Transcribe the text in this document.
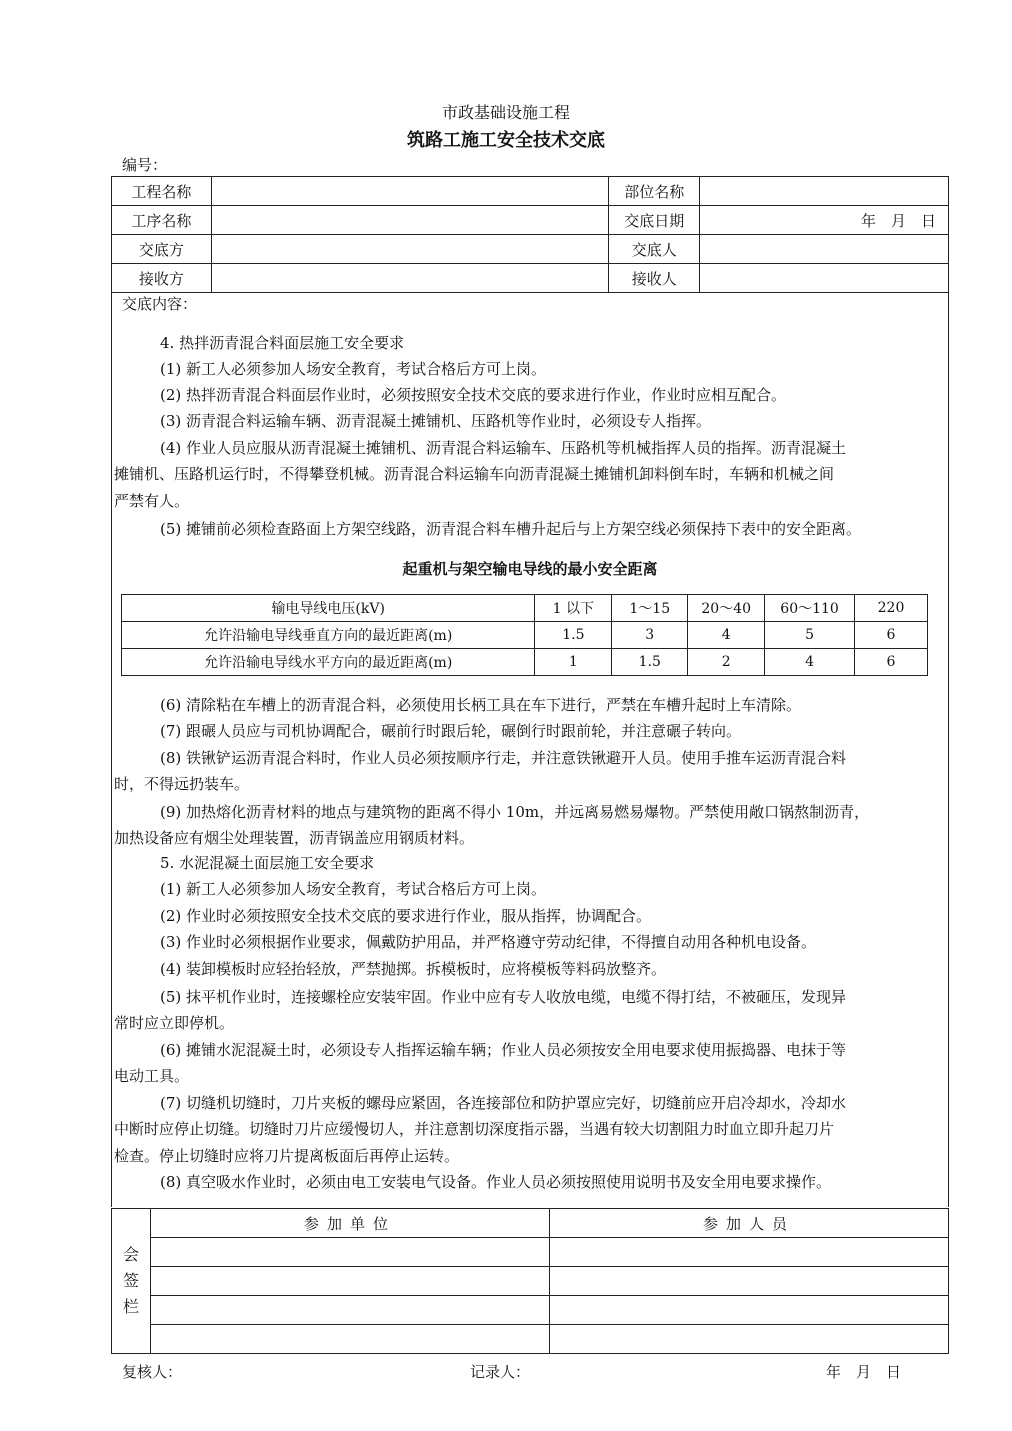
市政基础设施工程
筑路工施工安全技术交底
编号：
工程名称		部位名称	
工序名称		交底日期	年　月　日
交底方		交底人	
接收方		接收人	

交底内容：

4. 热拌沥青混合料面层施工安全要求

(1) 新工人必须参加人场安全教育，考试合格后方可上岗。

(2) 热拌沥青混合料面层作业时，必须按照安全技术交底的要求进行作业，作业时应相互配合。

(3) 沥青混合料运输车辆、沥青混凝土摊铺机、压路机等作业时，必须设专人指挥。

(4) 作业人员应服从沥青混凝土摊铺机、沥青混合料运输车、压路机等机械指挥人员的指挥。沥青混凝土

摊铺机、压路机运行时，不得攀登机械。沥青混合料运输车向沥青混凝土摊铺机卸料倒车时，车辆和机械之间

严禁有人。

(5) 摊铺前必须检查路面上方架空线路，沥青混合料车槽升起后与上方架空线必须保持下表中的安全距离。

起重机与架空输电导线的最小安全距离
输电导线电压(kV)	1 以下	1～15	20～40	60～110	220
允许沿输电导线垂直方向的最近距离(m)	1.5	3	4	5	6
允许沿输电导线水平方向的最近距离(m)	1	1.5	2	4	6

(6) 清除粘在车槽上的沥青混合料，必须使用长柄工具在车下进行，严禁在车槽升起时上车清除。

(7) 跟碾人员应与司机协调配合，碾前行时跟后轮，碾倒行时跟前轮，并注意碾子转向。

(8) 铁锹铲运沥青混合料时，作业人员必须按顺序行走，并注意铁锹避开人员。使用手推车运沥青混合料

时，不得远扔装车。

(9) 加热熔化沥青材料的地点与建筑物的距离不得小 10m，并远离易燃易爆物。严禁使用敞口锅熬制沥青，

加热设备应有烟尘处理装置，沥青锅盖应用钢质材料。

5. 水泥混凝土面层施工安全要求

(1) 新工人必须参加人场安全教育，考试合格后方可上岗。

(2) 作业时必须按照安全技术交底的要求进行作业，服从指挥，协调配合。

(3) 作业时必须根据作业要求，佩戴防护用品，并严格遵守劳动纪律，不得擅自动用各种机电设备。

(4) 装卸模板时应轻抬轻放，严禁抛掷。拆模板时，应将模板等料码放整齐。

(5) 抹平机作业时，连接螺栓应安装牢固。作业中应有专人收放电缆，电缆不得打结，不被砸压，发现异

常时应立即停机。

(6) 摊铺水泥混凝土时，必须设专人指挥运输车辆；作业人员必须按安全用电要求使用振捣器、电抹于等

电动工具。

(7) 切缝机切缝时，刀片夹板的螺母应紧固，各连接部位和防护罩应完好，切缝前应开启冷却水，冷却水

中断时应停止切缝。切缝时刀片应缓慢切人，并注意割切深度指示器，当遇有较大切割阻力时血立即升起刀片

检查。停止切缝时应将刀片提离板面后再停止运转。

(8) 真空吸水作业时，必须由电工安装电气设备。作业人员必须按照使用说明书及安全用电要求操作。

会
签
栏	参加单位	参加人员

复核人：	记录人：	年　月　日
